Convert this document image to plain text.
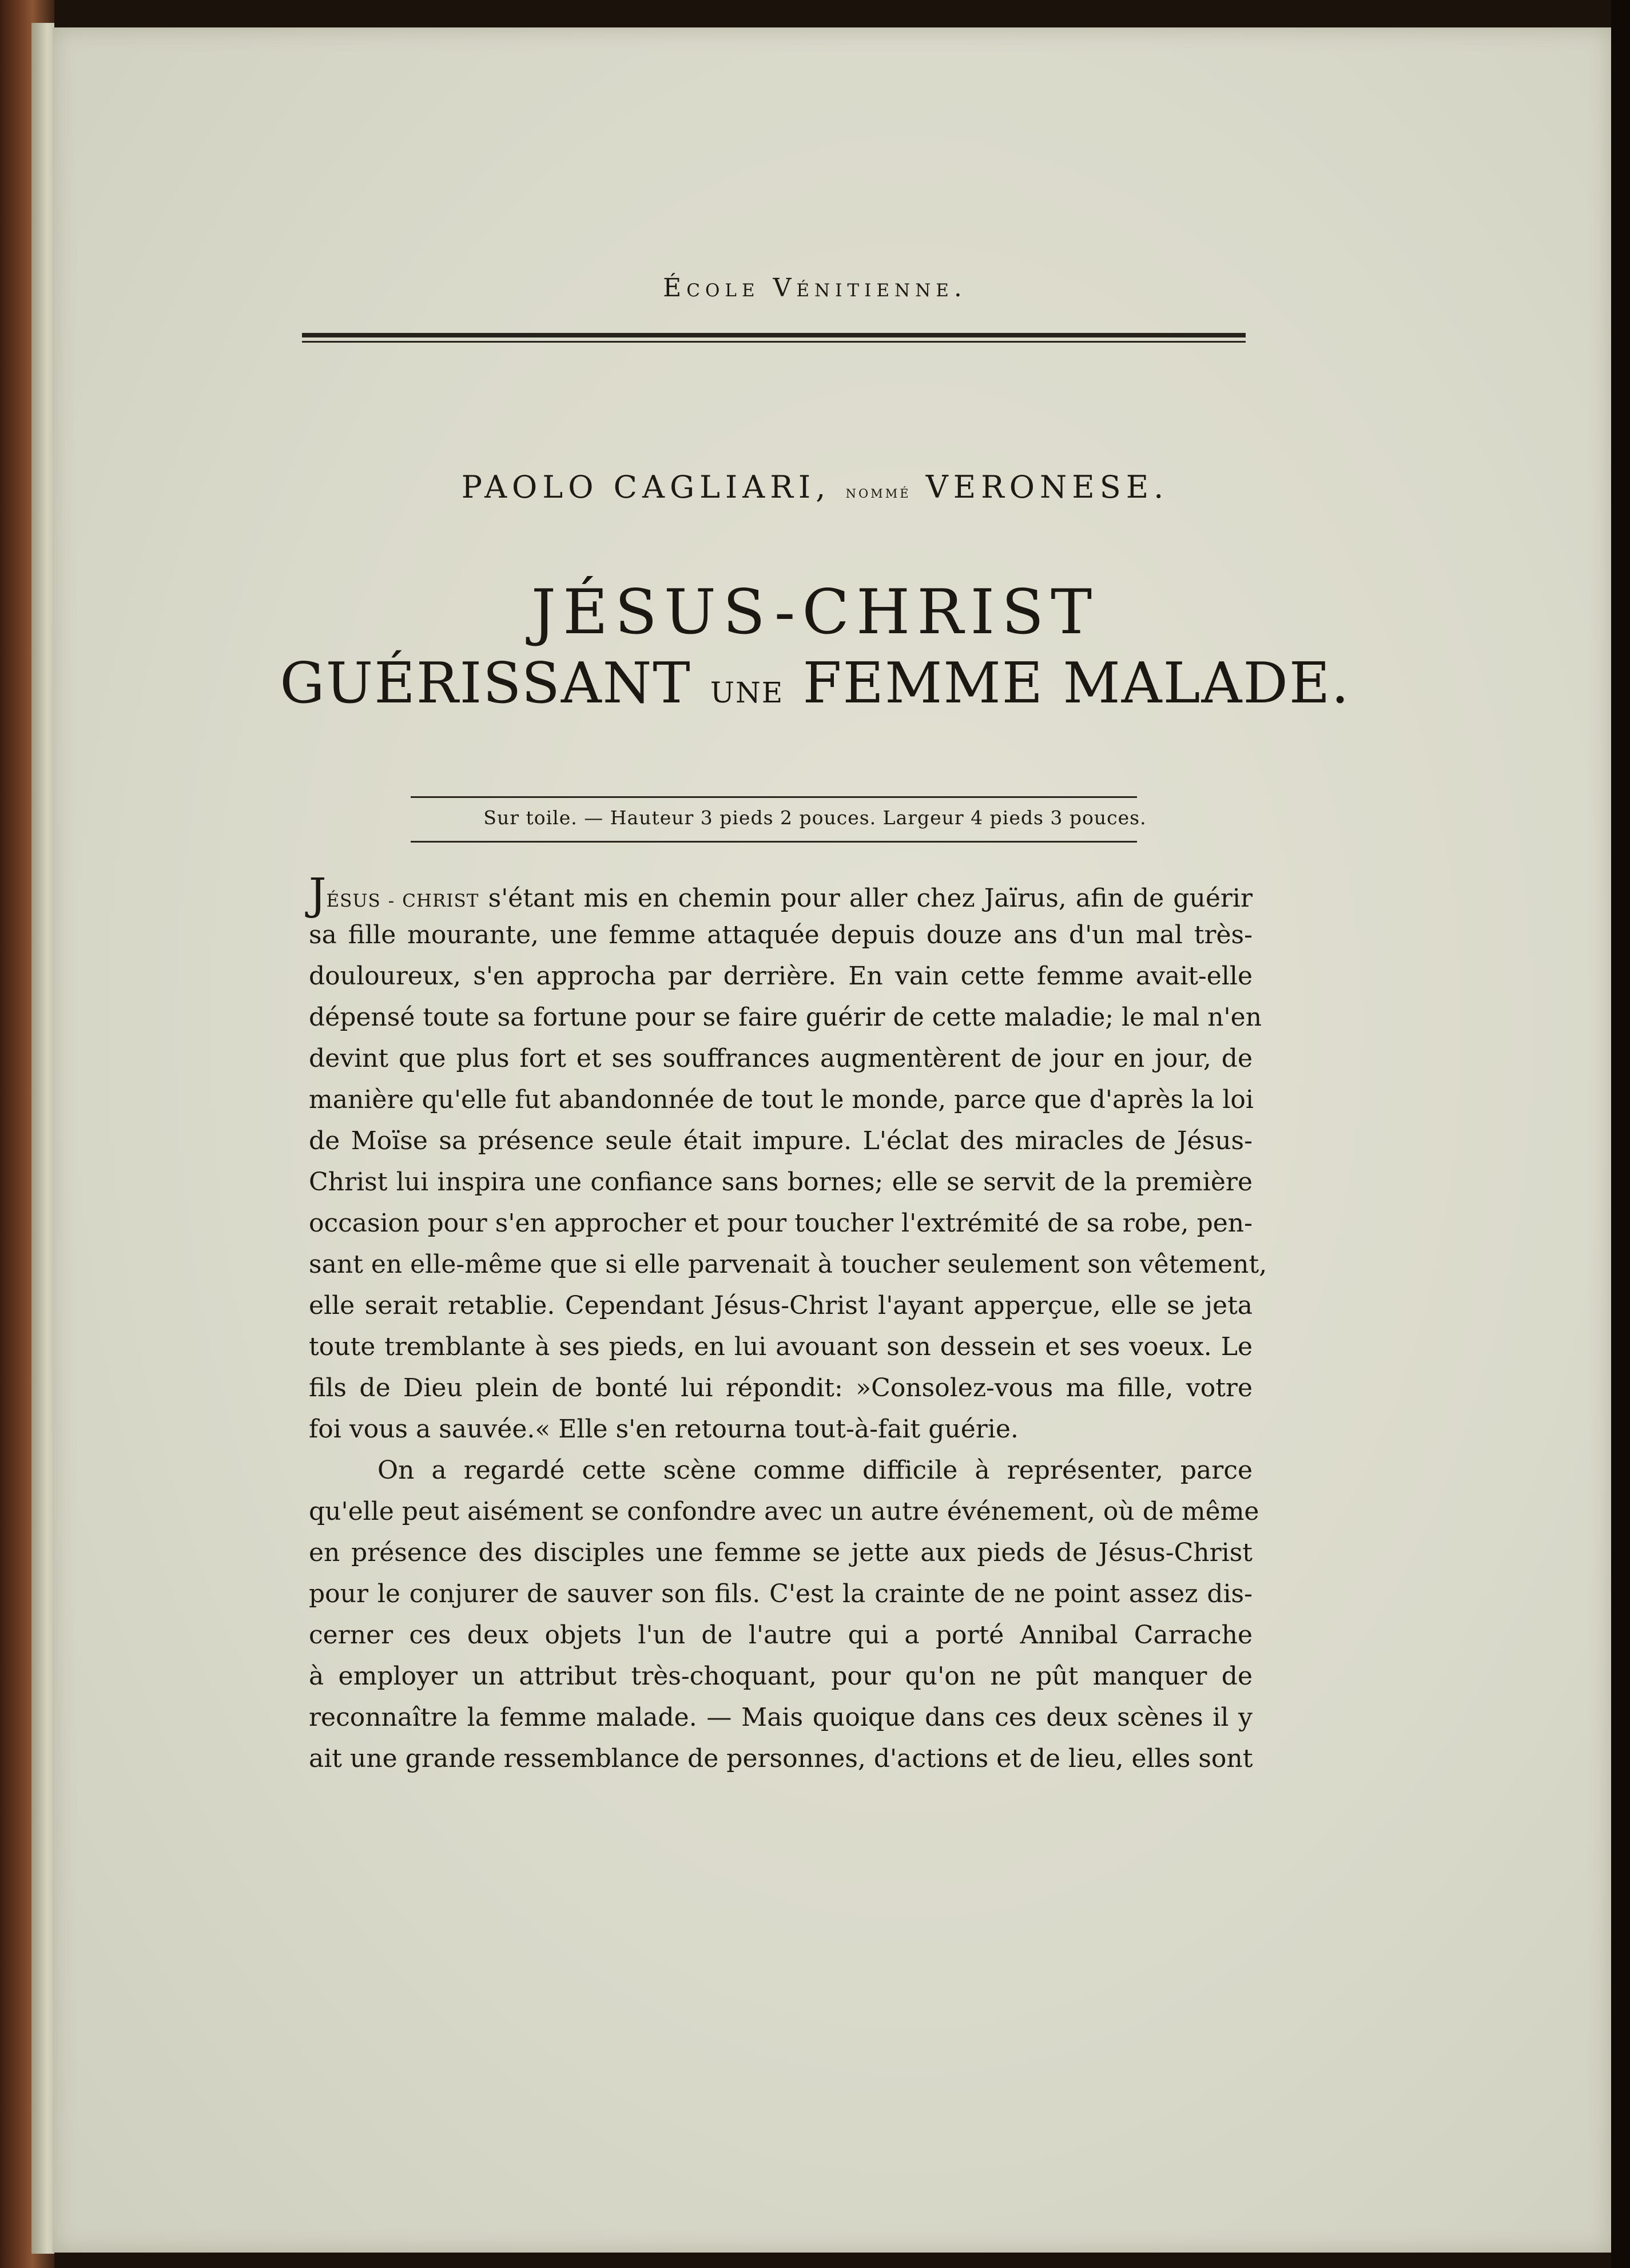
École Vénitienne.
PAOLO CAGLIARI, nommé VERONESE.
JÉSUS-CHRIST
GUÉRISSANT UNE FEMME MALADE.
Sur toile. — Hauteur 3 pieds 2 pouces. Largeur 4 pieds 3 pouces.
JÉSUS - CHRIST s'étant mis en chemin pour aller chez Jaïrus, afin de guérir
sa fille mourante, une femme attaquée depuis douze ans d'un mal très-
douloureux, s'en approcha par derrière. En vain cette femme avait-elle
dépensé toute sa fortune pour se faire guérir de cette maladie; le mal n'en
devint que plus fort et ses souffrances augmentèrent de jour en jour, de
manière qu'elle fut abandonnée de tout le monde, parce que d'après la loi
de Moïse sa présence seule était impure. L'éclat des miracles de Jésus-
Christ lui inspira une confiance sans bornes; elle se servit de la première
occasion pour s'en approcher et pour toucher l'extrémité de sa robe, pen-
sant en elle-même que si elle parvenait à toucher seulement son vêtement,
elle serait retablie. Cependant Jésus-Christ l'ayant apperçue, elle se jeta
toute tremblante à ses pieds, en lui avouant son dessein et ses voeux. Le
fils de Dieu plein de bonté lui répondit: »Consolez-vous ma fille, votre
foi vous a sauvée.« Elle s'en retourna tout-à-fait guérie.
On a regardé cette scène comme difficile à représenter, parce
qu'elle peut aisément se confondre avec un autre événement, où de même
en présence des disciples une femme se jette aux pieds de Jésus-Christ
pour le conjurer de sauver son fils. C'est la crainte de ne point assez dis-
cerner ces deux objets l'un de l'autre qui a porté Annibal Carrache
à employer un attribut très-choquant, pour qu'on ne pût manquer de
reconnaître la femme malade. — Mais quoique dans ces deux scènes il y
ait une grande ressemblance de personnes, d'actions et de lieu, elles sont
